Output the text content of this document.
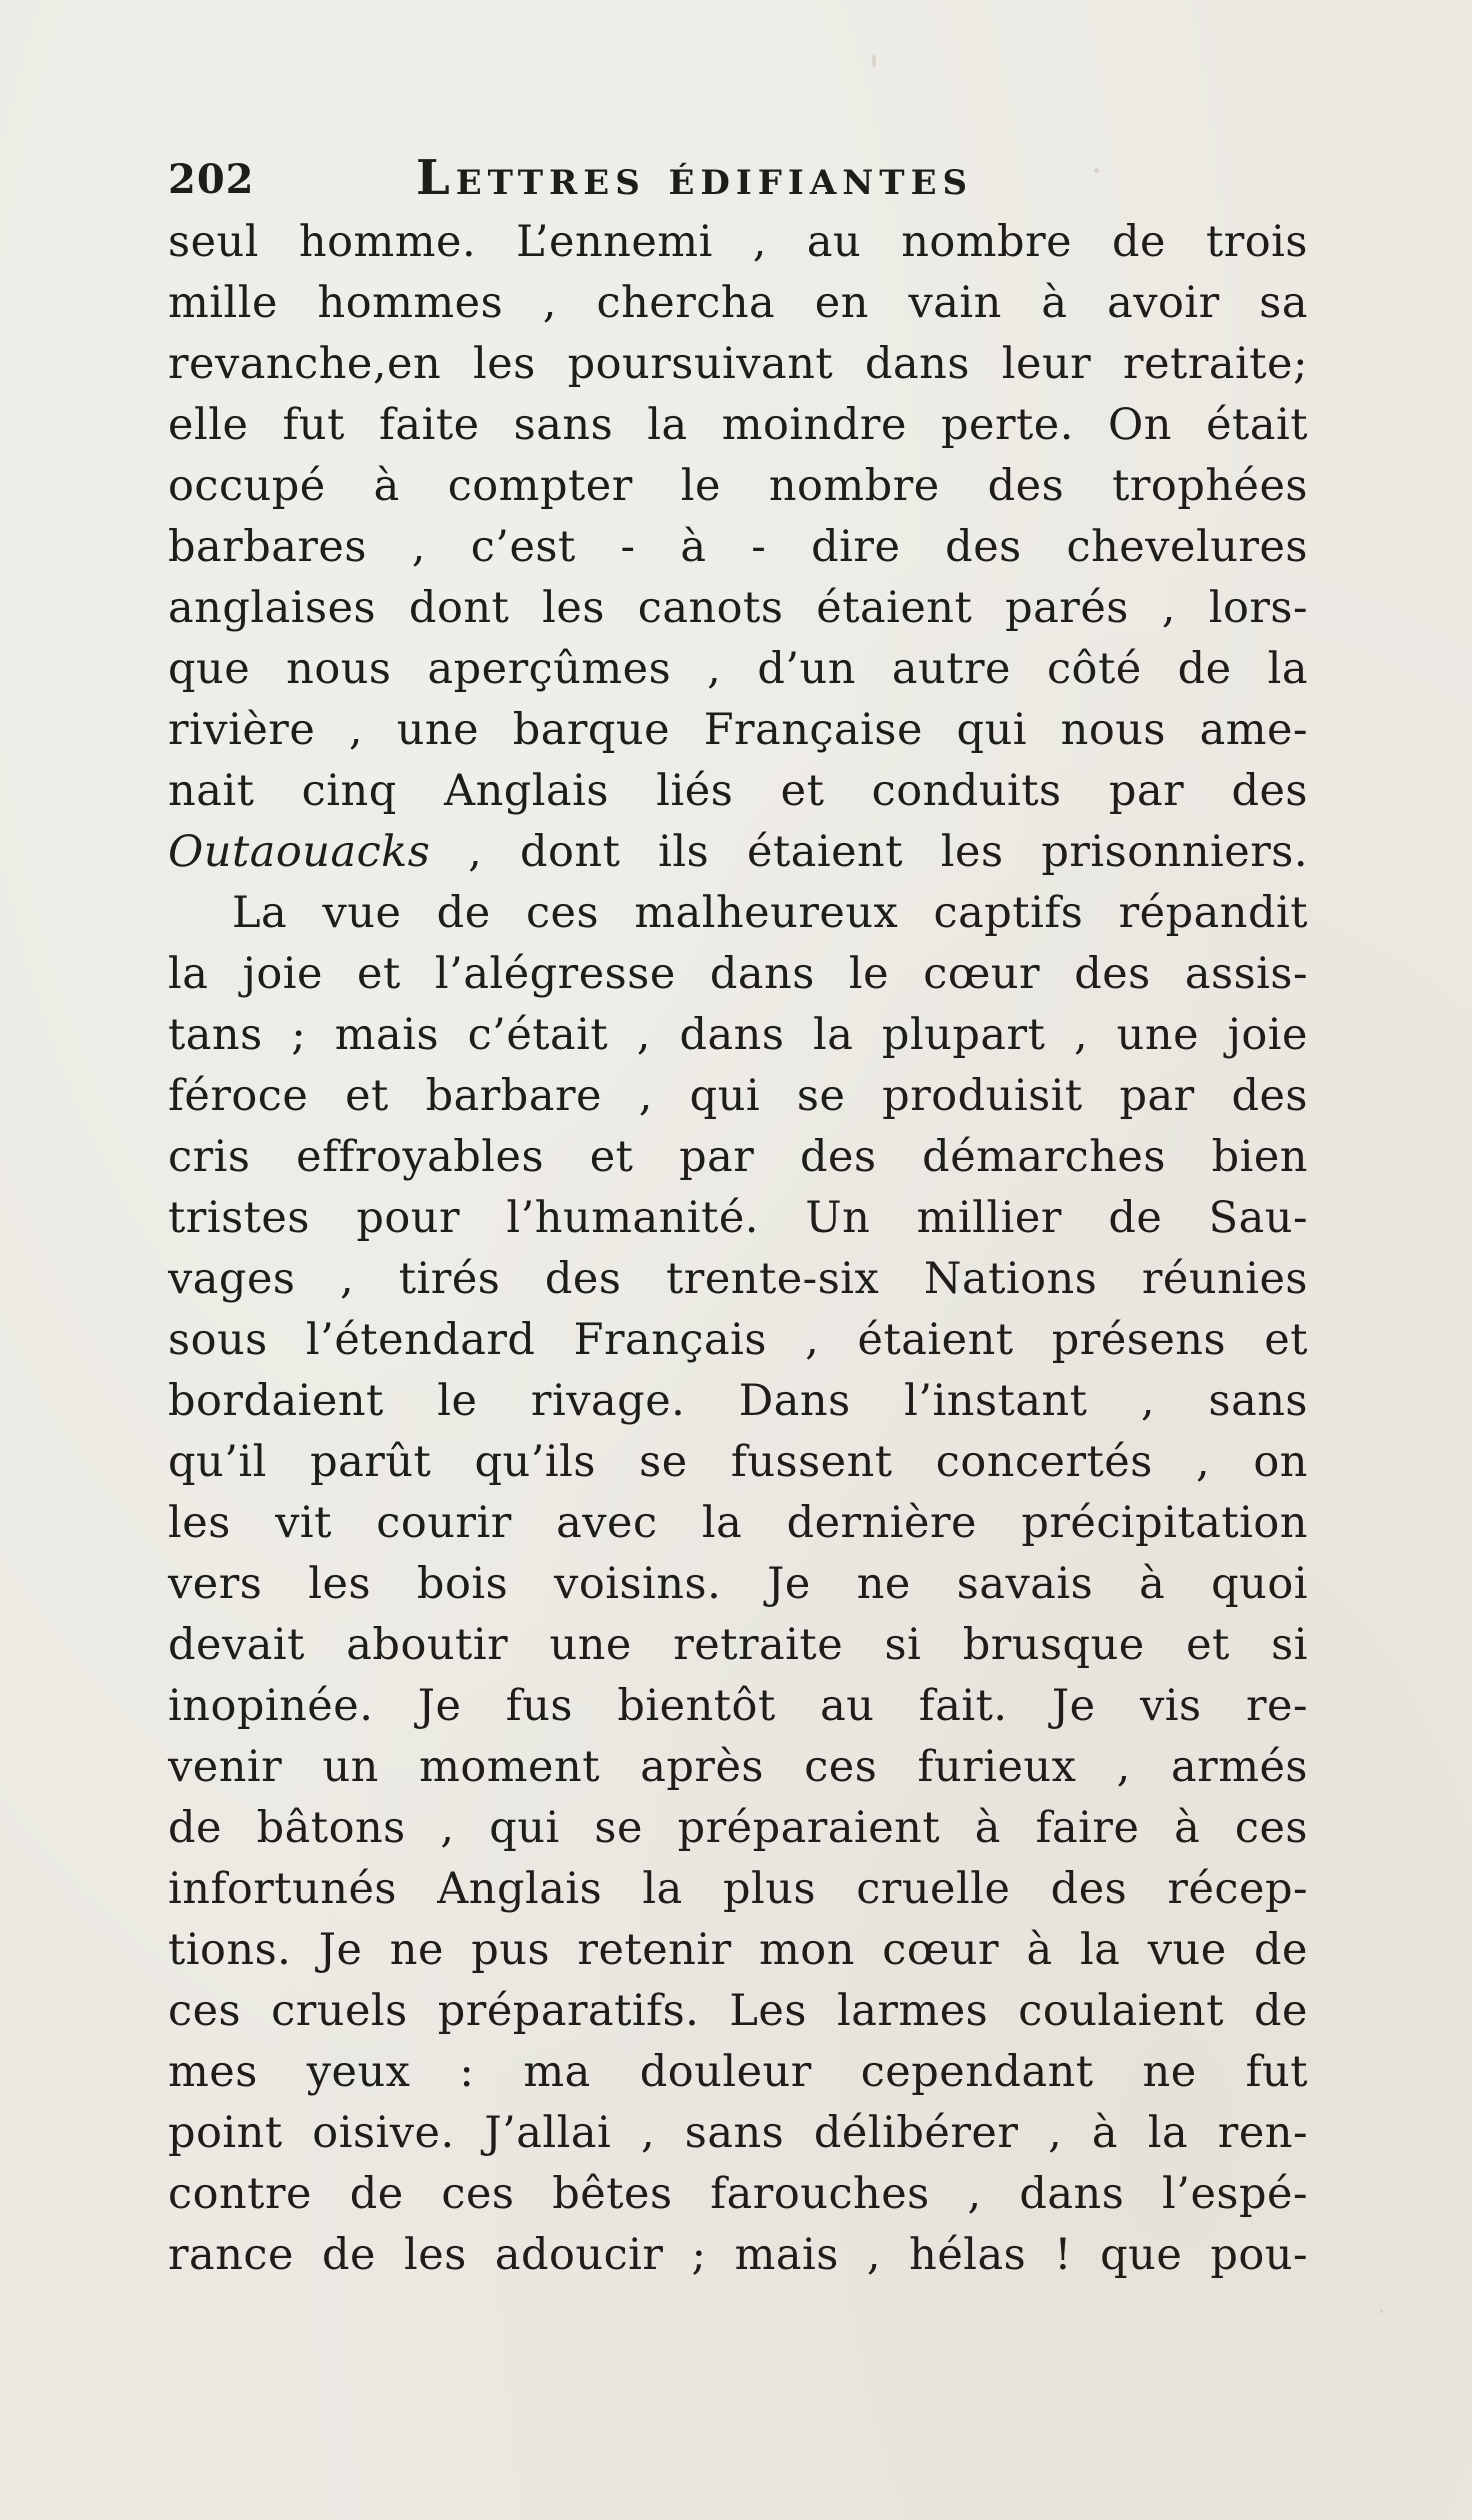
202	Lettres édifiantes
seul homme. L’ennemi , au nombre de trois
mille hommes , chercha en vain à avoir sa
revanche,en les poursuivant dans leur retraite;
elle fut faite sans la moindre perte. On était
occupé à compter le nombre des trophées
barbares , c’est - à - dire des chevelures
anglaises dont les canots étaient parés , lors-
que nous aperçûmes , d’un autre côté de la
rivière , une barque Française qui nous ame-
nait cinq Anglais liés et conduits par des
Outaouacks , dont ils étaient les prisonniers.
La vue de ces malheureux captifs répandit
la joie et l’alégresse dans le cœur des assis-
tans ; mais c’était , dans la plupart , une joie
féroce et barbare , qui se produisit par des
cris effroyables et par des démarches bien
tristes pour l’humanité. Un millier de Sau-
vages , tirés des trente-six Nations réunies
sous l’étendard Français , étaient présens et
bordaient le rivage. Dans l’instant , sans
qu’il parût qu’ils se fussent concertés , on
les vit courir avec la dernière précipitation
vers les bois voisins. Je ne savais à quoi
devait aboutir une retraite si brusque et si
inopinée. Je fus bientôt au fait. Je vis re-
venir un moment après ces furieux , armés
de bâtons , qui se préparaient à faire à ces
infortunés Anglais la plus cruelle des récep-
tions. Je ne pus retenir mon cœur à la vue de
ces cruels préparatifs. Les larmes coulaient de
mes yeux : ma douleur cependant ne fut
point oisive. J’allai , sans délibérer , à la ren-
contre de ces bêtes farouches , dans l’espé-
rance de les adoucir ; mais , hélas ! que pou-
